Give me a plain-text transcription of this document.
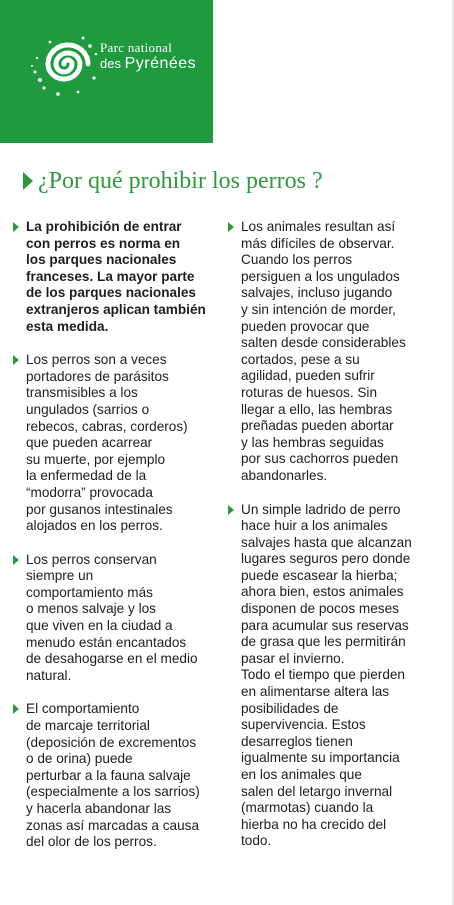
Parc national
des Pyrénées
¿Por qué prohibir los perros ?
La prohibición de entrar
con perros es norma en
los parques nacionales
franceses. La mayor parte
de los parques nacionales
extranjeros aplican también
esta medida.
Los perros son a veces
portadores de parásitos
transmisibles a los
ungulados (sarrios o
rebecos, cabras, corderos)
que pueden acarrear
su muerte, por ejemplo
la enfermedad de la
“modorra” provocada
por gusanos intestinales
alojados en los perros.
Los perros conservan
siempre un
comportamiento más
o menos salvaje y los
que viven en la ciudad a
menudo están encantados
de desahogarse en el medio
natural.
El comportamiento
de marcaje territorial
(deposición de excrementos
o de orina) puede
perturbar a la fauna salvaje
(especialmente a los sarrios)
y hacerla abandonar las
zonas así marcadas a causa
del olor de los perros.
Los animales resultan así
más difíciles de observar.
Cuando los perros
persiguen a los ungulados
salvajes, incluso jugando
y sin intención de morder,
pueden provocar que
salten desde considerables
cortados, pese a su
agilidad, pueden sufrir
roturas de huesos. Sin
llegar a ello, las hembras
preñadas pueden abortar
y las hembras seguidas
por sus cachorros pueden
abandonarles.
Un simple ladrido de perro
hace huir a los animales
salvajes hasta que alcanzan
lugares seguros pero donde
puede escasear la hierba;
ahora bien, estos animales
disponen de pocos meses
para acumular sus reservas
de grasa que les permitirán
pasar el invierno.
Todo el tiempo que pierden
en alimentarse altera las
posibilidades de
supervivencia. Estos
desarreglos tienen
igualmente su importancia
en los animales que
salen del letargo invernal
(marmotas) cuando la
hierba no ha crecido del
todo.
